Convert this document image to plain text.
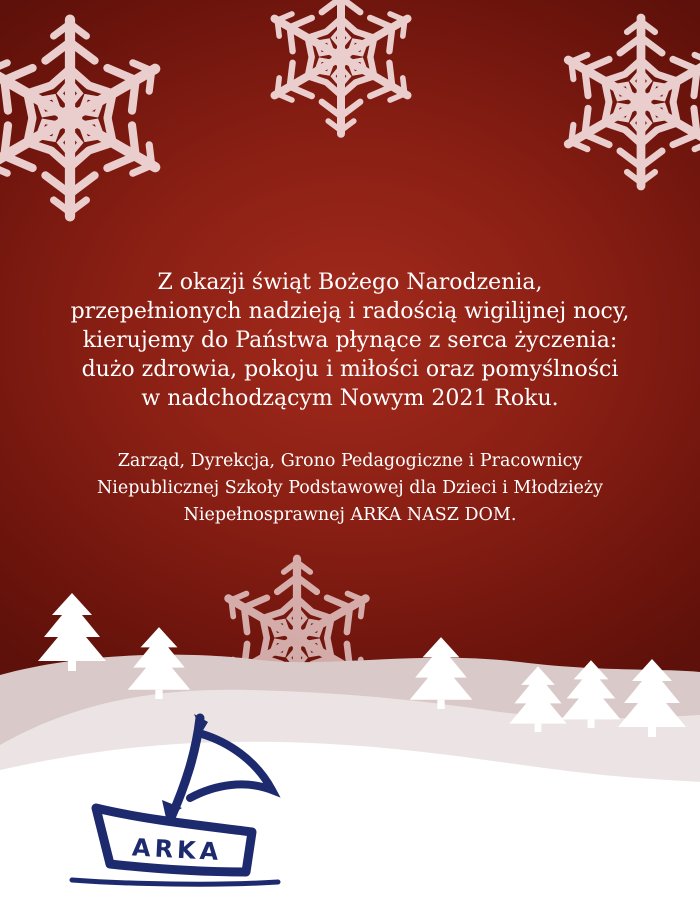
Z okazji świąt Bożego Narodzenia,
przepełnionych nadzieją i radością wigilijnej nocy,
kierujemy do Państwa płynące z serca życzenia:
dużo zdrowia, pokoju i miłości oraz pomyślności
w nadchodzącym Nowym 2021 Roku.
Zarząd, Dyrekcja, Grono Pedagogiczne i Pracownicy
Niepublicznej Szkoły Podstawowej dla Dzieci i Młodzieży
Niepełnosprawnej ARKA NASZ DOM.
ARKA
